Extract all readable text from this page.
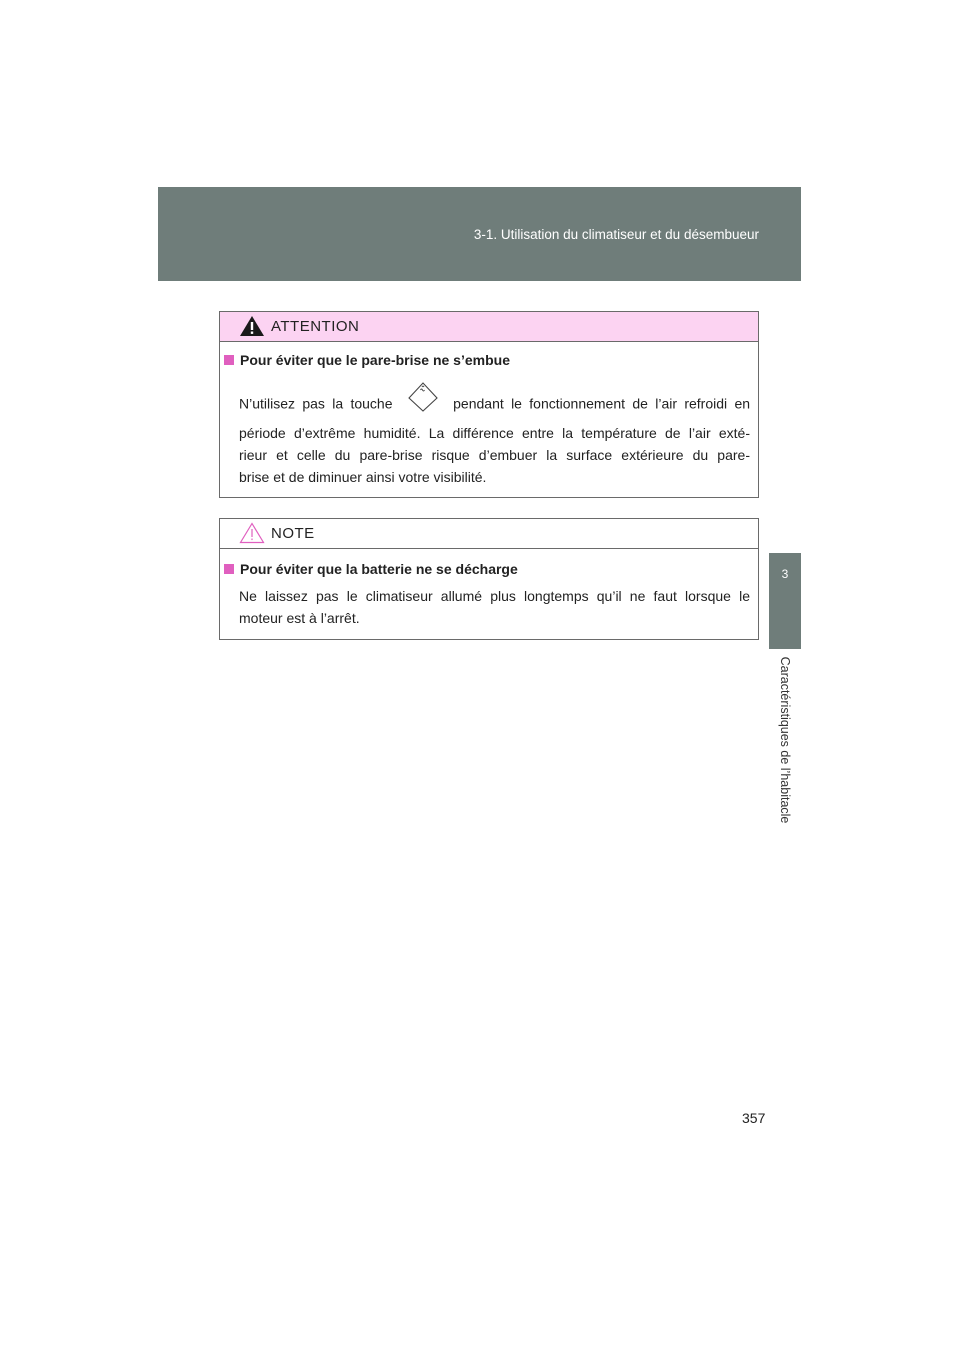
3-1. Utilisation du climatiseur et du désembueur
3
Caractéristiques de l’habitacle
ATTENTION
Pour éviter que le pare-brise ne s’embue
N’utilisez pas la touche	pendant le fonctionnement de l’air refroidi en
période d’extrême humidité. La différence entre la température de l’air exté-
rieur et celle du pare-brise risque d’embuer la surface extérieure du pare-
brise et de diminuer ainsi votre visibilité.
NOTE
Pour éviter que la batterie ne se décharge
Ne laissez pas le climatiseur allumé plus longtemps qu’il ne faut lorsque le
moteur est à l’arrêt.
357
